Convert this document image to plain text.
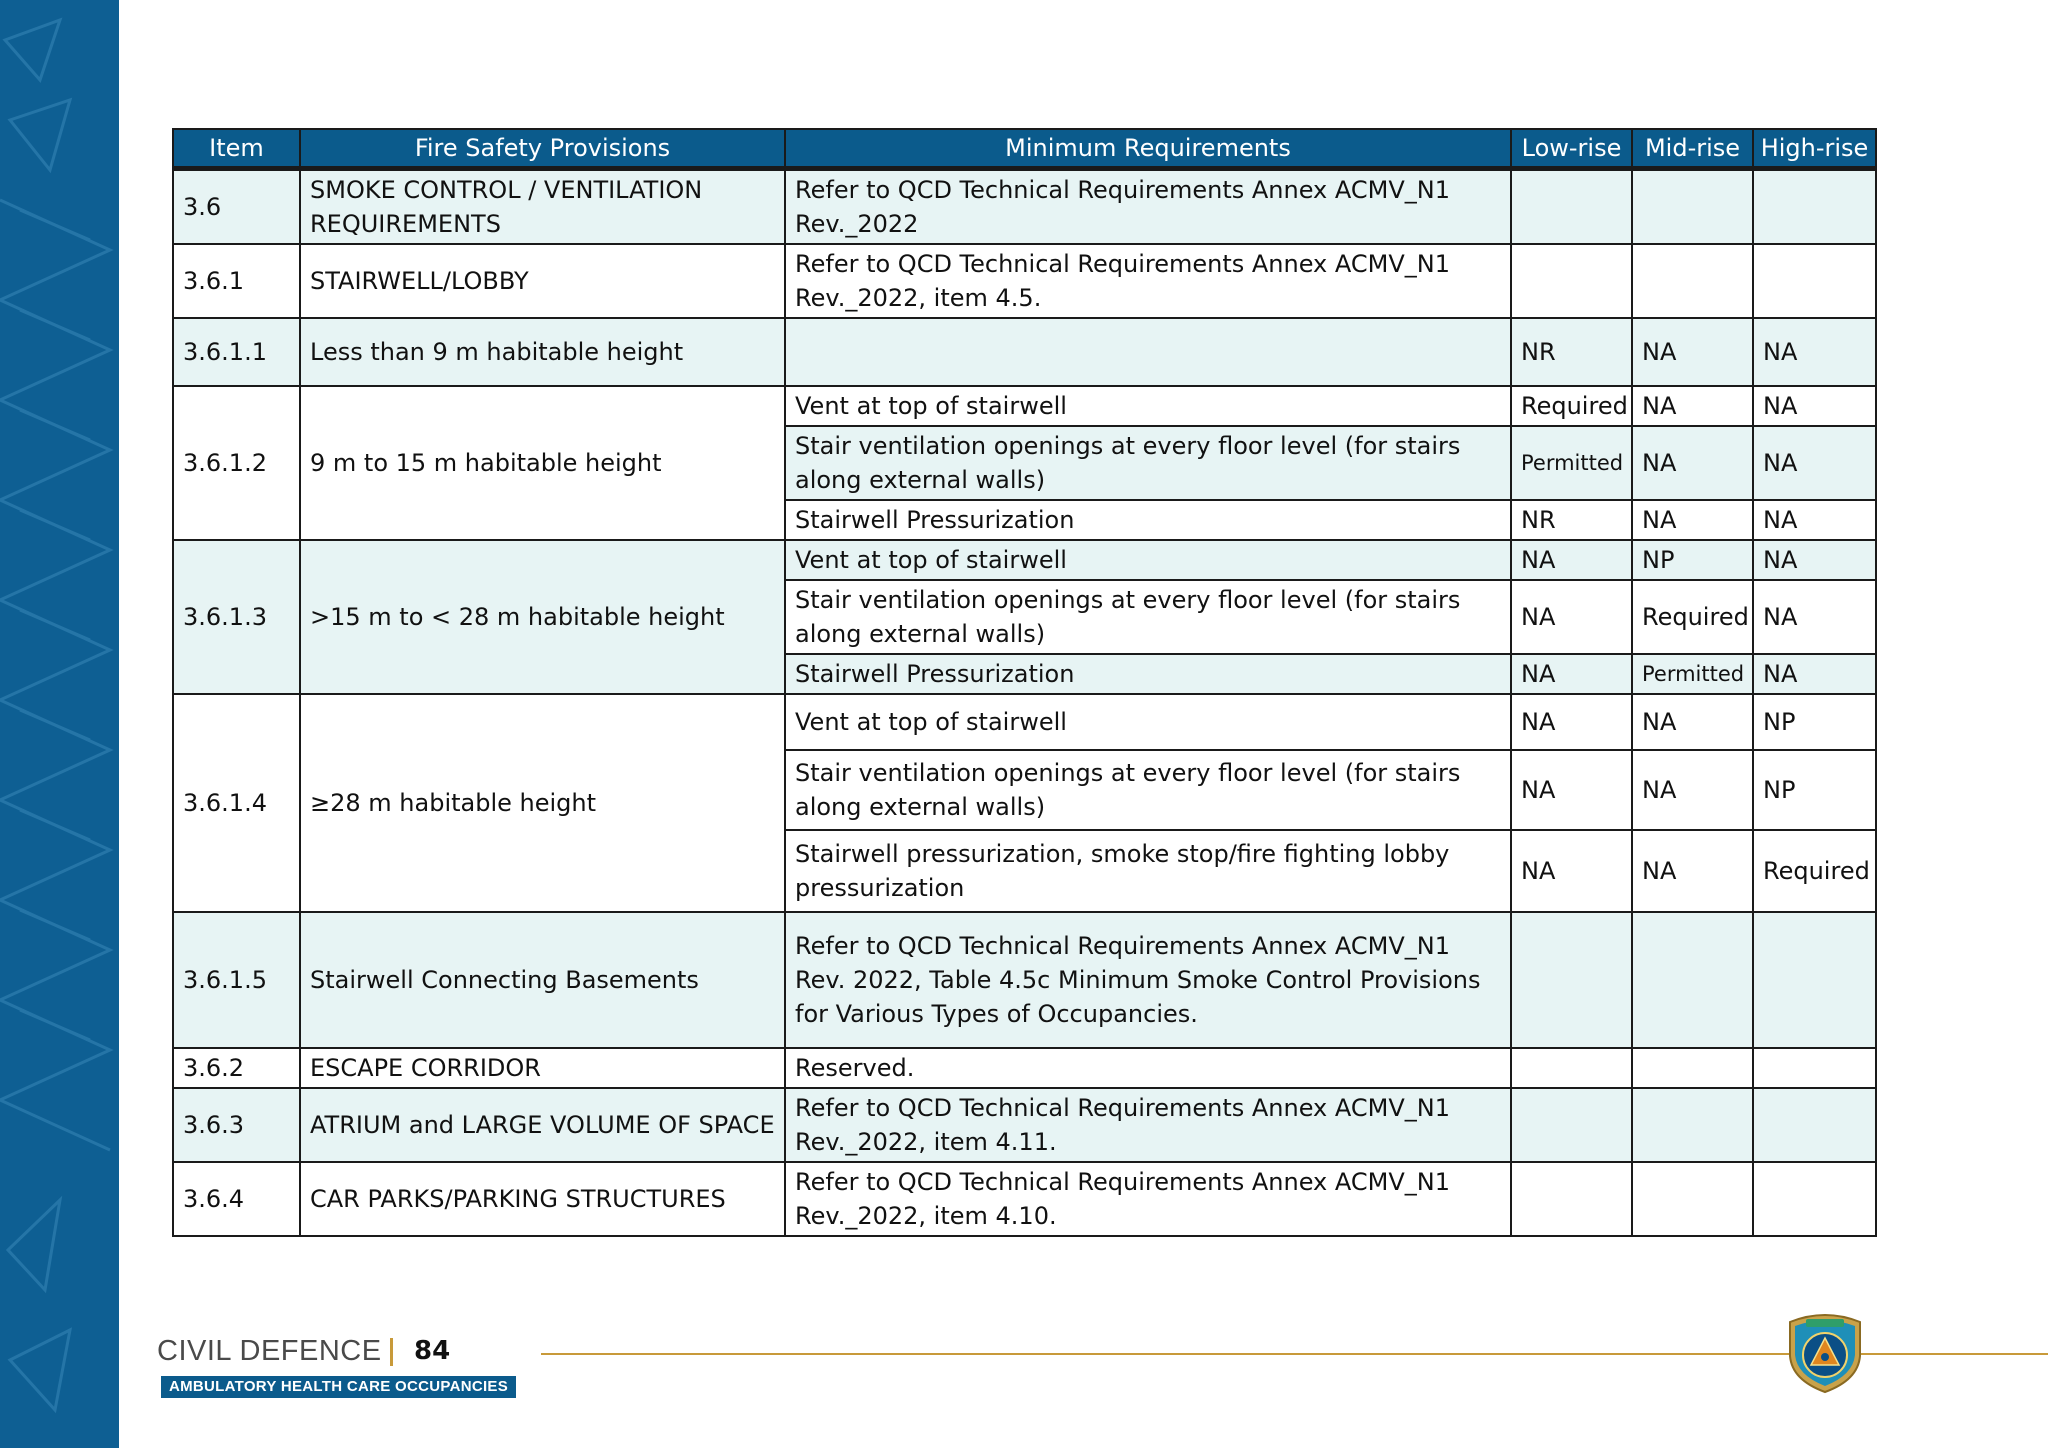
Item	Fire Safety Provisions	Minimum Requirements	Low-rise	Mid-rise	High-rise
3.6	SMOKE CONTROL / VENTILATION REQUIREMENTS	Refer to QCD Technical Requirements Annex ACMV_N1 Rev._2022			
3.6.1	STAIRWELL/LOBBY	Refer to QCD Technical Requirements Annex ACMV_N1 Rev._2022, item 4.5.			
3.6.1.1	Less than 9 m habitable height		NR	NA	NA
3.6.1.2	9 m to 15 m habitable height	Vent at top of stairwell	Required	NA	NA
		Stair ventilation openings at every floor level (for stairs along external walls)	Permitted	NA	NA
		Stairwell Pressurization	NR	NA	NA
3.6.1.3	>15 m to < 28 m habitable height	Vent at top of stairwell	NA	NP	NA
		Stair ventilation openings at every floor level (for stairs along external walls)	NA	Required	NA
		Stairwell Pressurization	NA	Permitted	NA
3.6.1.4	≥28 m habitable height	Vent at top of stairwell	NA	NA	NP
		Stair ventilation openings at every floor level (for stairs along external walls)	NA	NA	NP
		Stairwell pressurization, smoke stop/fire fighting lobby pressurization	NA	NA	Required
3.6.1.5	Stairwell Connecting Basements	Refer to QCD Technical Requirements Annex ACMV_N1 Rev. 2022, Table 4.5c Minimum Smoke Control Provisions for Various Types of Occupancies.			
3.6.2	ESCAPE CORRIDOR	Reserved.			
3.6.3	ATRIUM and LARGE VOLUME OF SPACE	Refer to QCD Technical Requirements Annex ACMV_N1 Rev._2022, item 4.11.			
3.6.4	CAR PARKS/PARKING STRUCTURES	Refer to QCD Technical Requirements Annex ACMV_N1 Rev._2022, item 4.10.			
CIVIL DEFENCE 84
AMBULATORY HEALTH CARE OCCUPANCIES
